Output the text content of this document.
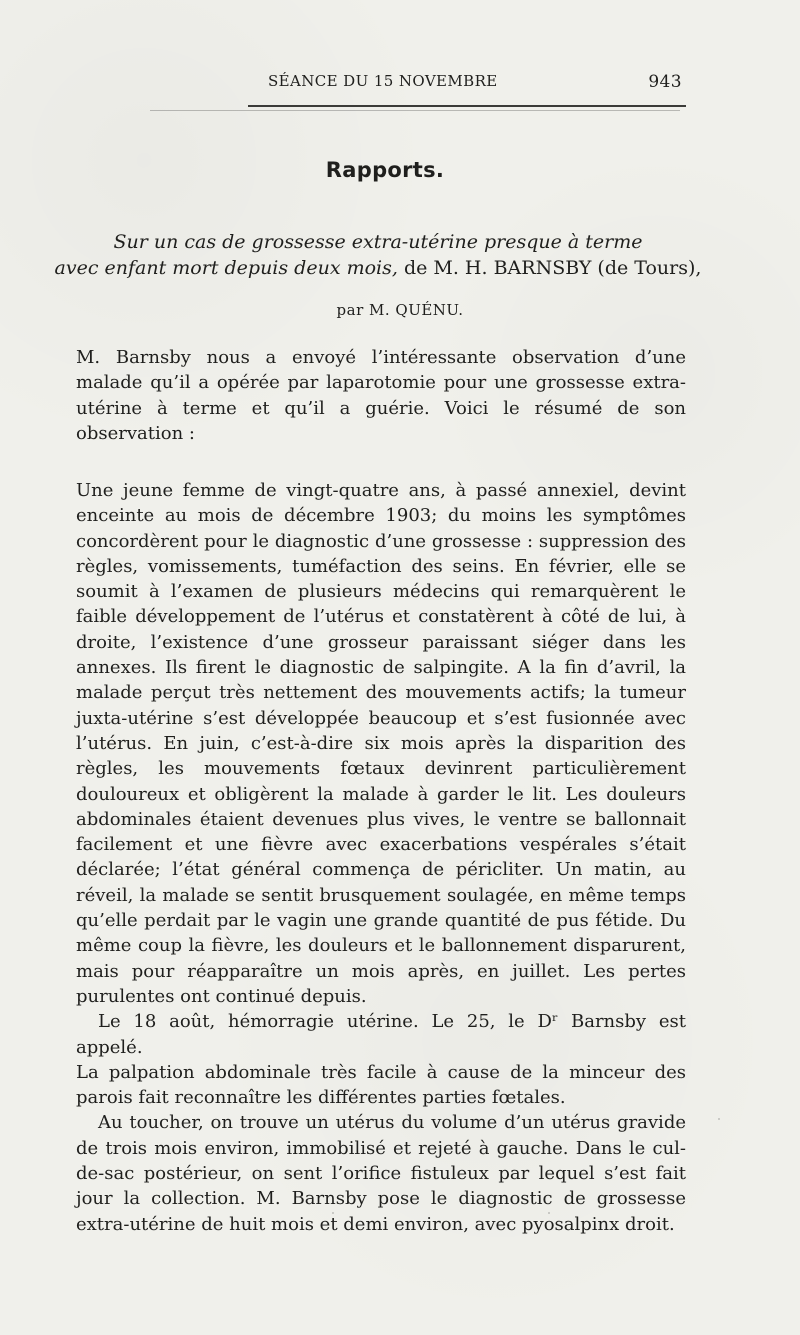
SÉANCE DU 15 NOVEMBRE	943
Rapports.
Sur un cas de grossesse extra-utérine presque à terme
avec enfant mort depuis deux mois, de M. H. BARNSBY (de Tours),
par M. QUÉNU.

M. Barnsby nous a envoyé l’intéressante observation d’une malade qu’il a opérée par laparotomie pour une grossesse extra-utérine à terme et qu’il a guérie. Voici le résumé de son observation :

Une jeune femme de vingt-quatre ans, à passé annexiel, devint enceinte au mois de décembre 1903; du moins les symptômes concordèrent pour le diagnostic d’une grossesse : suppression des règles, vomissements, tuméfaction des seins. En février, elle se soumit à l’examen de plusieurs médecins qui remarquèrent le faible développement de l’utérus et constatèrent à côté de lui, à droite, l’existence d’une grosseur paraissant siéger dans les annexes. Ils firent le diagnostic de salpingite. A la fin d’avril, la malade perçut très nettement des mouvements actifs; la tumeur juxta-utérine s’est développée beaucoup et s’est fusionnée avec l’utérus. En juin, c’est-à-dire six mois après la disparition des règles, les mouvements fœtaux devinrent particulièrement douloureux et obligèrent la malade à garder le lit. Les douleurs abdominales étaient devenues plus vives, le ventre se ballonnait facilement et une fièvre avec exacerbations vespérales s’était déclarée; l’état général commença de péricliter. Un matin, au réveil, la malade se sentit brusquement soulagée, en même temps qu’elle perdait par le vagin une grande quantité de pus fétide. Du même coup la fièvre, les douleurs et le ballonnement disparurent, mais pour réapparaître un mois après, en juillet. Les pertes purulentes ont continué depuis.

Le 18 août, hémorragie utérine. Le 25, le Dʳ Barnsby est appelé.

La palpation abdominale très facile à cause de la minceur des parois fait reconnaître les différentes parties fœtales.

Au toucher, on trouve un utérus du volume d’un utérus gravide de trois mois environ, immobilisé et rejeté à gauche. Dans le cul-de-sac postérieur, on sent l’orifice fistuleux par lequel s’est fait jour la collection. M. Barnsby pose le diagnostic de grossesse extra-utérine de huit mois et demi environ, avec pyosalpinx droit.
